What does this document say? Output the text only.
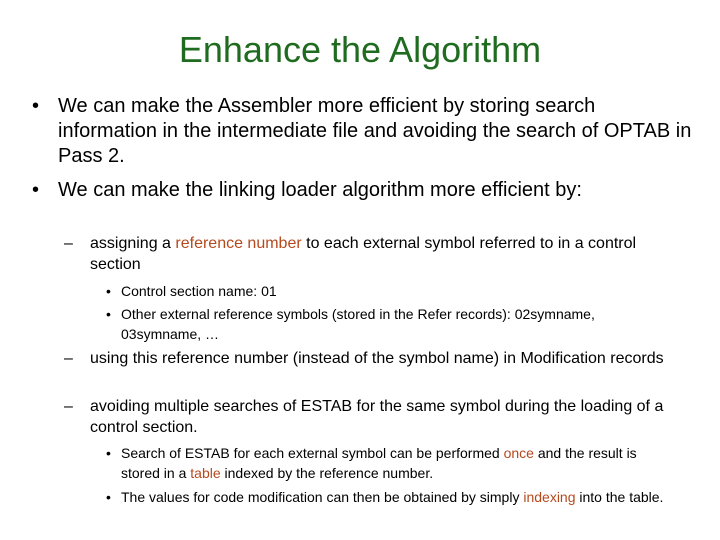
Enhance the Algorithm
• We can make the Assembler more efficient by storing search information in the intermediate file and avoiding the search of OPTAB in Pass 2.
• We can make the linking loader algorithm more efficient by:
– assigning a reference number to each external symbol referred to in a control section
• Control section name: 01
• Other external reference symbols (stored in the Refer records): 02symname, 03symname, …
– using this reference number (instead of the symbol name) in Modification records
– avoiding multiple searches of ESTAB for the same symbol during the loading of a control section.
• Search of ESTAB for each external symbol can be performed once and the result is stored in a table indexed by the reference number.
• The values for code modification can then be obtained by simply indexing into the table.
